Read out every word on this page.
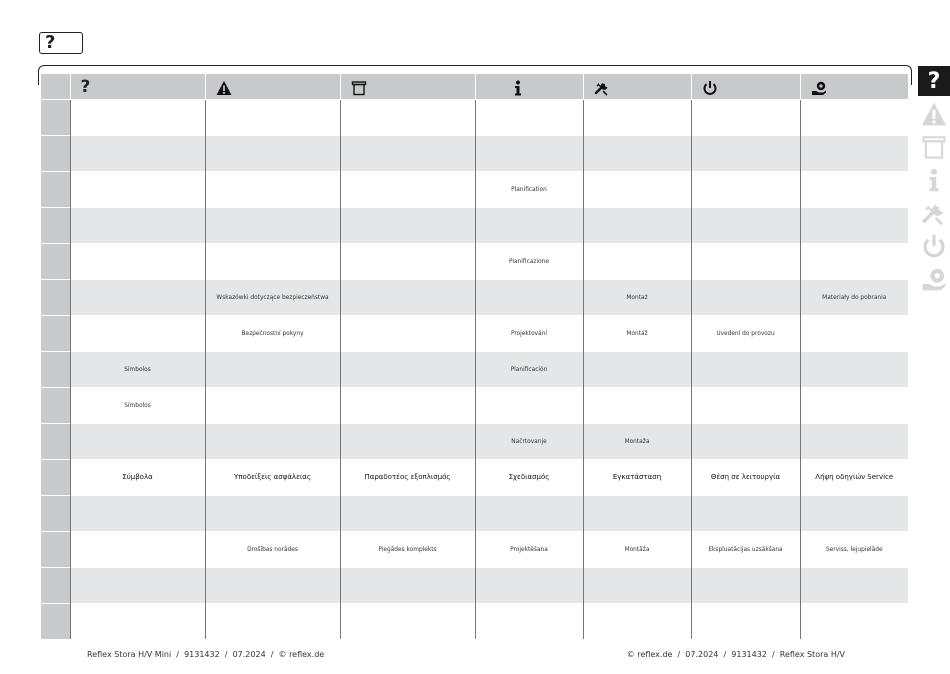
?
	?						

				Planification			

				Pianificazione			
		Wskazówki dotyczące bezpieczeństwa			Montaż		Materiały do pobrania
		Bezpečnostní pokyny		Projektování	Montáž	Uvedení do provozu	
	Símbolos			Planificación			
	Símbolos						
				Načrtovanje	Montaža		
	Σύμβολα	Υποδείξεις ασφάλειας	Παραδοτέος εξοπλισμός	Σχεδιασμός	Εγκατάσταση	Θέση σε λειτουργία	Λήψη οδηγιών Service

		Drošības norādes	Piegādes komplekts	Projektēšana	Montāža	Ekspluatācijas uzsākšana	Serviss, lejupielāde

?
Reflex Stora H/V Mini  /  9131432  /  07.2024  /  © reflex.de	© reflex.de  /  07.2024  /  9131432  /  Reflex Stora H/V
